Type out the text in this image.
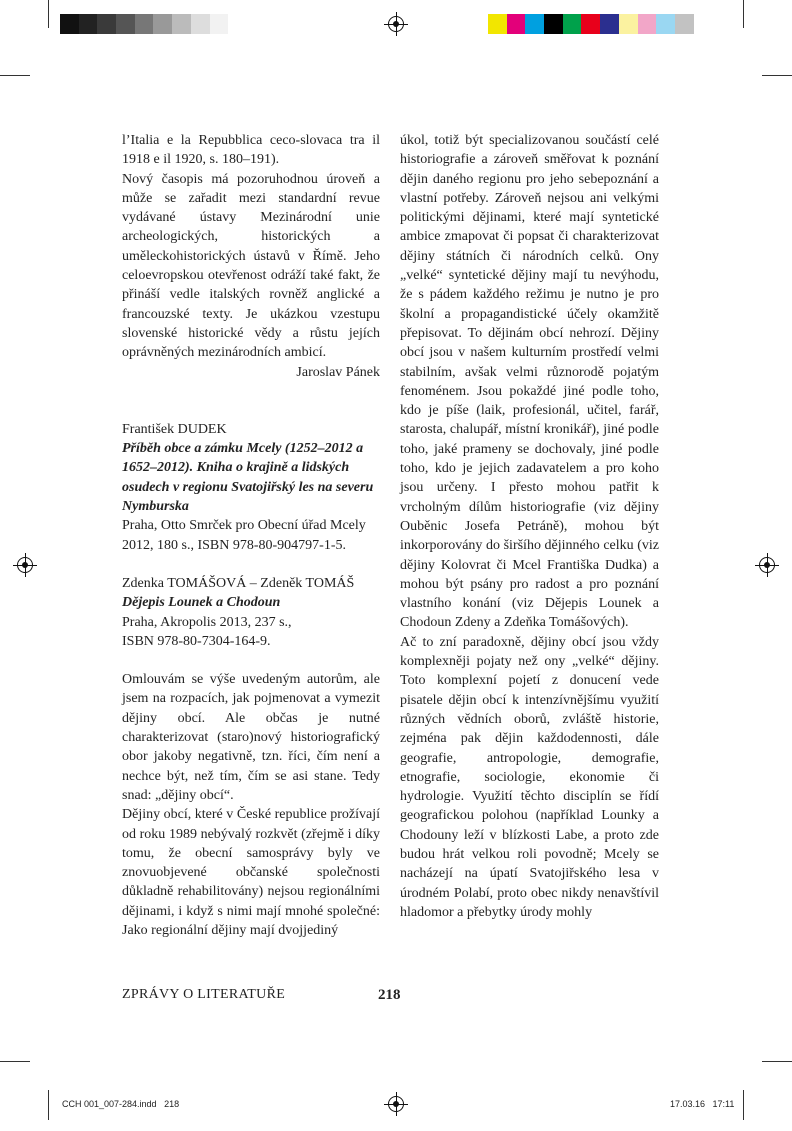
l’Italia e la Repubblica ceco-slovaca tra il 1918 e il 1920, s. 180–191).

Nový časopis má pozoruhodnou úroveň a může se zařadit mezi standardní revue vydávané ústavy Mezinárodní unie archeologických, historických a uměleckohistorických ústavů v Římě. Jeho celoevropskou otevřenost odráží také fakt, že přináší vedle italských rovněž anglické a francouzské texty. Je ukázkou vzestupu slovenské historické vědy a růstu jejích oprávněných mezinárodních ambicí.

Jaroslav Pánek

František DUDEK

Příběh obce a zámku Mcely (1252–2012 a 1652–2012). Kniha o krajině a lidských osudech v regionu Svatojiřský les na severu Nymburska

Praha, Otto Smrček pro Obecní úřad Mcely 2012, 180 s., ISBN 978-80-904797-1-5.

Zdenka TOMÁŠOVÁ – Zdeněk TOMÁŠ

Dějepis Lounek a Chodoun

Praha, Akropolis 2013, 237 s.,

ISBN 978-80-7304-164-9.

Omlouvám se výše uvedeným autorům, ale jsem na rozpacích, jak pojmenovat a vymezit dějiny obcí. Ale občas je nutné charakterizovat (staro)nový historiografický obor jakoby negativně, tzn. říci, čím není a nechce být, než tím, čím se asi stane. Tedy snad: „dějiny obcí“.

Dějiny obcí, které v České republice prožívají od roku 1989 nebývalý rozkvět (zřejmě i díky tomu, že obecní samosprávy byly ve znovuobjevené občanské společnosti důkladně rehabilitovány) nejsou regionálními dějinami, i když s nimi mají mnohé společné: Jako regionální dějiny mají dvojjediný

úkol, totiž být specializovanou součástí celé historiografie a zároveň směřovat k poznání dějin daného regionu pro jeho sebepoznání a vlastní potřeby. Zároveň nejsou ani velkými politickými dějinami, které mají syntetické ambice zmapovat či popsat či charakterizovat dějiny státních či národních celků. Ony „velké“ syntetické dějiny mají tu nevýhodu, že s pádem každého režimu je nutno je pro školní a propagandistické účely okamžitě přepisovat. To dějinám obcí nehrozí. Dějiny obcí jsou v našem kulturním prostředí velmi stabilním, avšak velmi různorodě pojatým fenoménem. Jsou pokaždé jiné podle toho, kdo je píše (laik, profesionál, učitel, farář, starosta, chalupář, místní kronikář), jiné podle toho, jaké prameny se dochovaly, jiné podle toho, kdo je jejich zadavatelem a pro koho jsou určeny. I přesto mohou patřit k vrcholným dílům historiografie (viz dějiny Ouběnic Josefa Petráně), mohou být inkorporovány do širšího dějinného celku (viz dějiny Kolovrat či Mcel Františka Dudka) a mohou být psány pro radost a pro poznání vlastního konání (viz Dějepis Lounek a Chodoun Zdeny a Zdeňka Tomášových).

Ač to zní paradoxně, dějiny obcí jsou vždy komplexněji pojaty než ony „velké“ dějiny. Toto komplexní pojetí z donucení vede pisatele dějin obcí k intenzívnějšímu využití různých vědních oborů, zvláště historie, zejména pak dějin každodennosti, dále geografie, antropologie, demografie, etnografie, sociologie, ekonomie či hydrologie. Využití těchto disciplín se řídí geografickou polohou (například Lounky a Chodouny leží v blízkosti Labe, a proto zde budou hrát velkou roli povodně; Mcely se nacházejí na úpatí Svatojiřského lesa v úrodném Polabí, proto obec nikdy nenavštívil hladomor a přebytky úrody mohly

ZPRÁVY O LITERATUŘE	218
CCH 001_007-284.indd   218	17.03.16   17:11
